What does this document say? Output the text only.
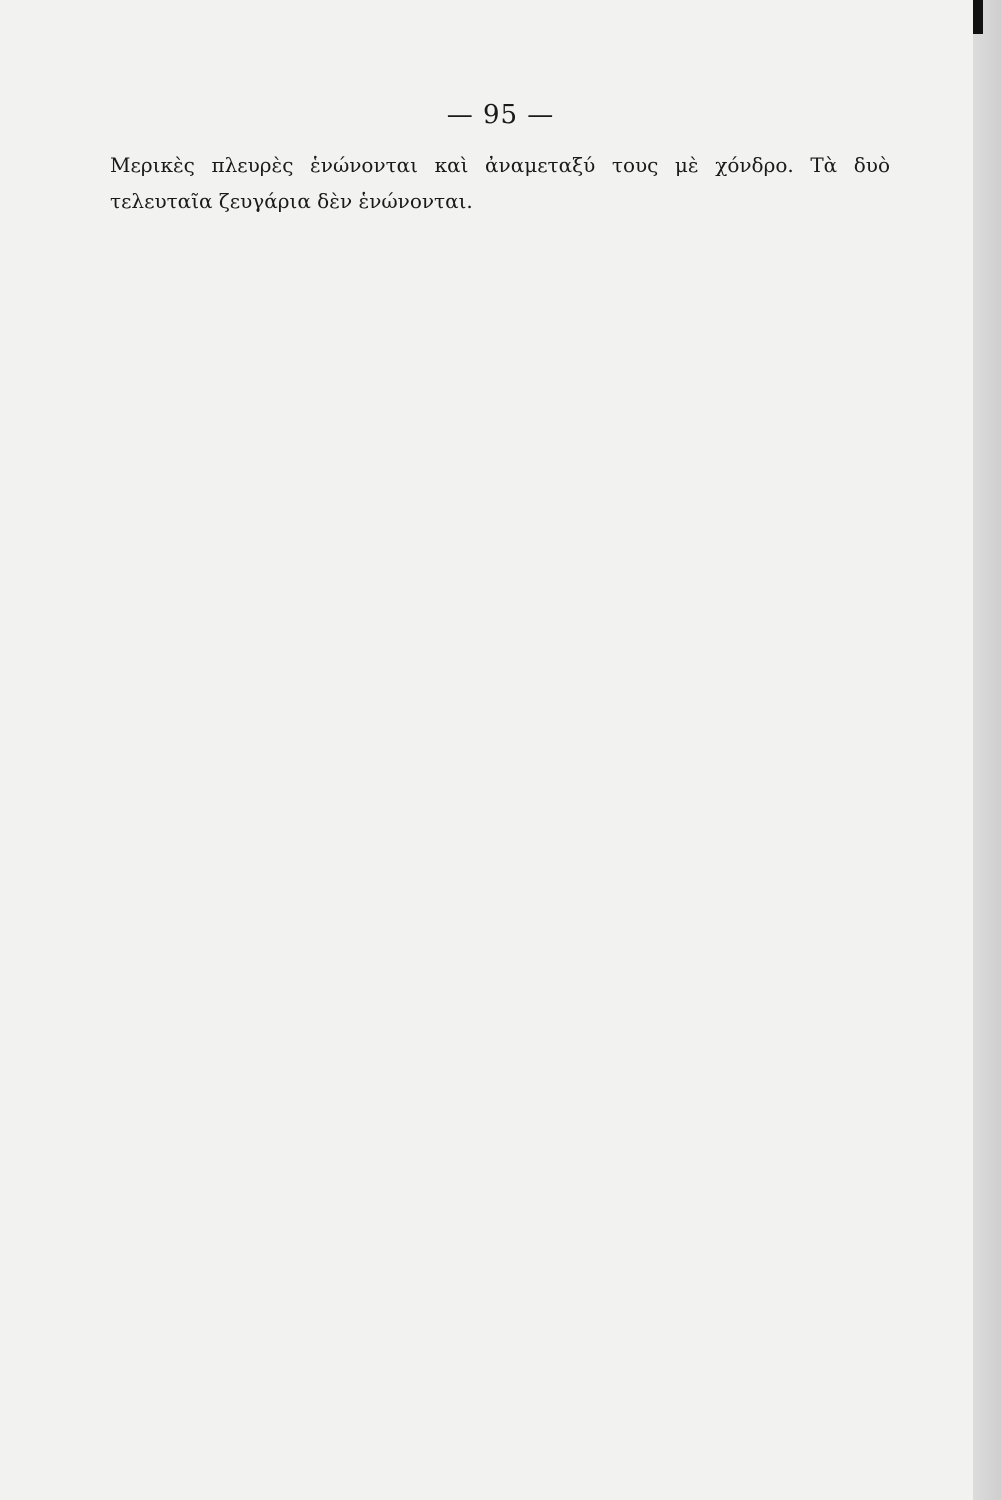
— 95 —

Μερικὲς πλευρὲς ἑνώνονται καὶ ἀναμεταξύ τους μὲ χόνδρο. Τὰ δυὸ τελευταῖα ζευγάρια δὲν ἑνώνονται.
